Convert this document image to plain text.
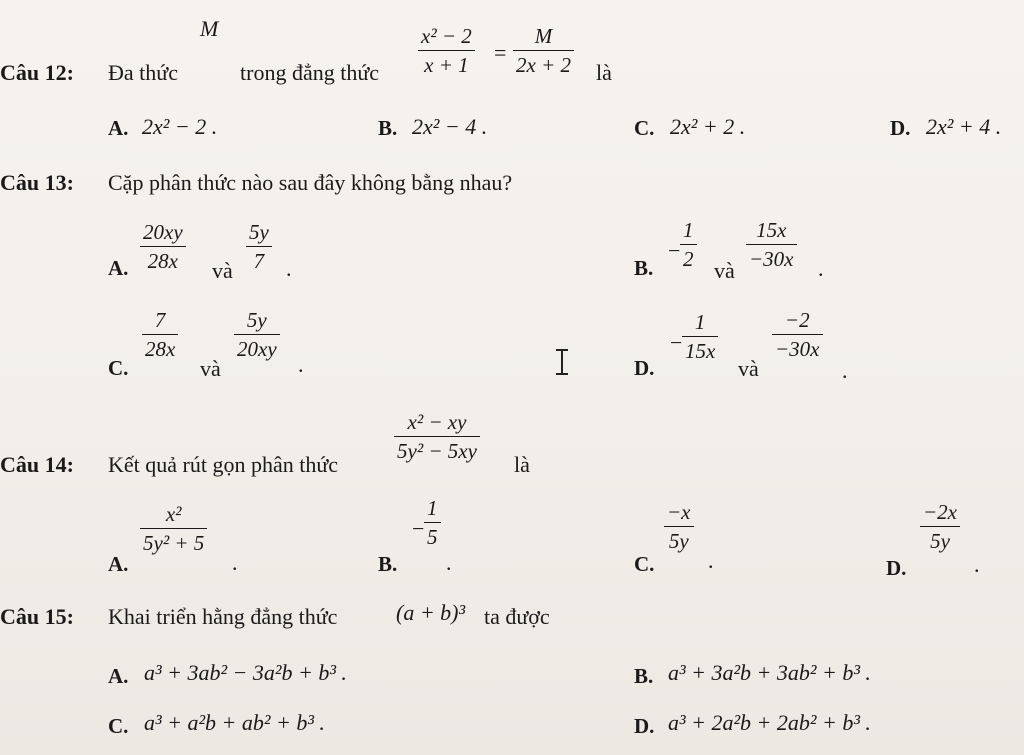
Câu 12: Đa thức
M
trong đẳng thức
x² − 2
x + 1 =
M
2x + 2 là
A. 2x² − 2 .	B. 2x² − 4 .	C. 2x² + 2 .	D. 2x² + 4 .
Câu 13: Cặp phân thức nào sau đây không bằng nhau?
A.
20xy
28x	và
5y
7 .	B.
−
1
2 và
15x
−30x .
C.
7
28x
và
5y
20xy
.	D.
−
1
15x
và
−2
−30x
.
Câu 14: Kết quả rút gọn phân thức
x² − xy
5y² − 5xy
là
A.
x²
5y² + 5
.	B.
−
1
5
.	C.
−x
5y
.	D.
−2x
5y
.
Câu 15: Khai triển hằng đẳng thức	(a + b)³ ta được
A. a³ + 3ab² − 3a²b + b³ .	B. a³ + 3a²b + 3ab² + b³ .
C. a³ + a²b + ab² + b³ .	D. a³ + 2a²b + 2ab² + b³ .
